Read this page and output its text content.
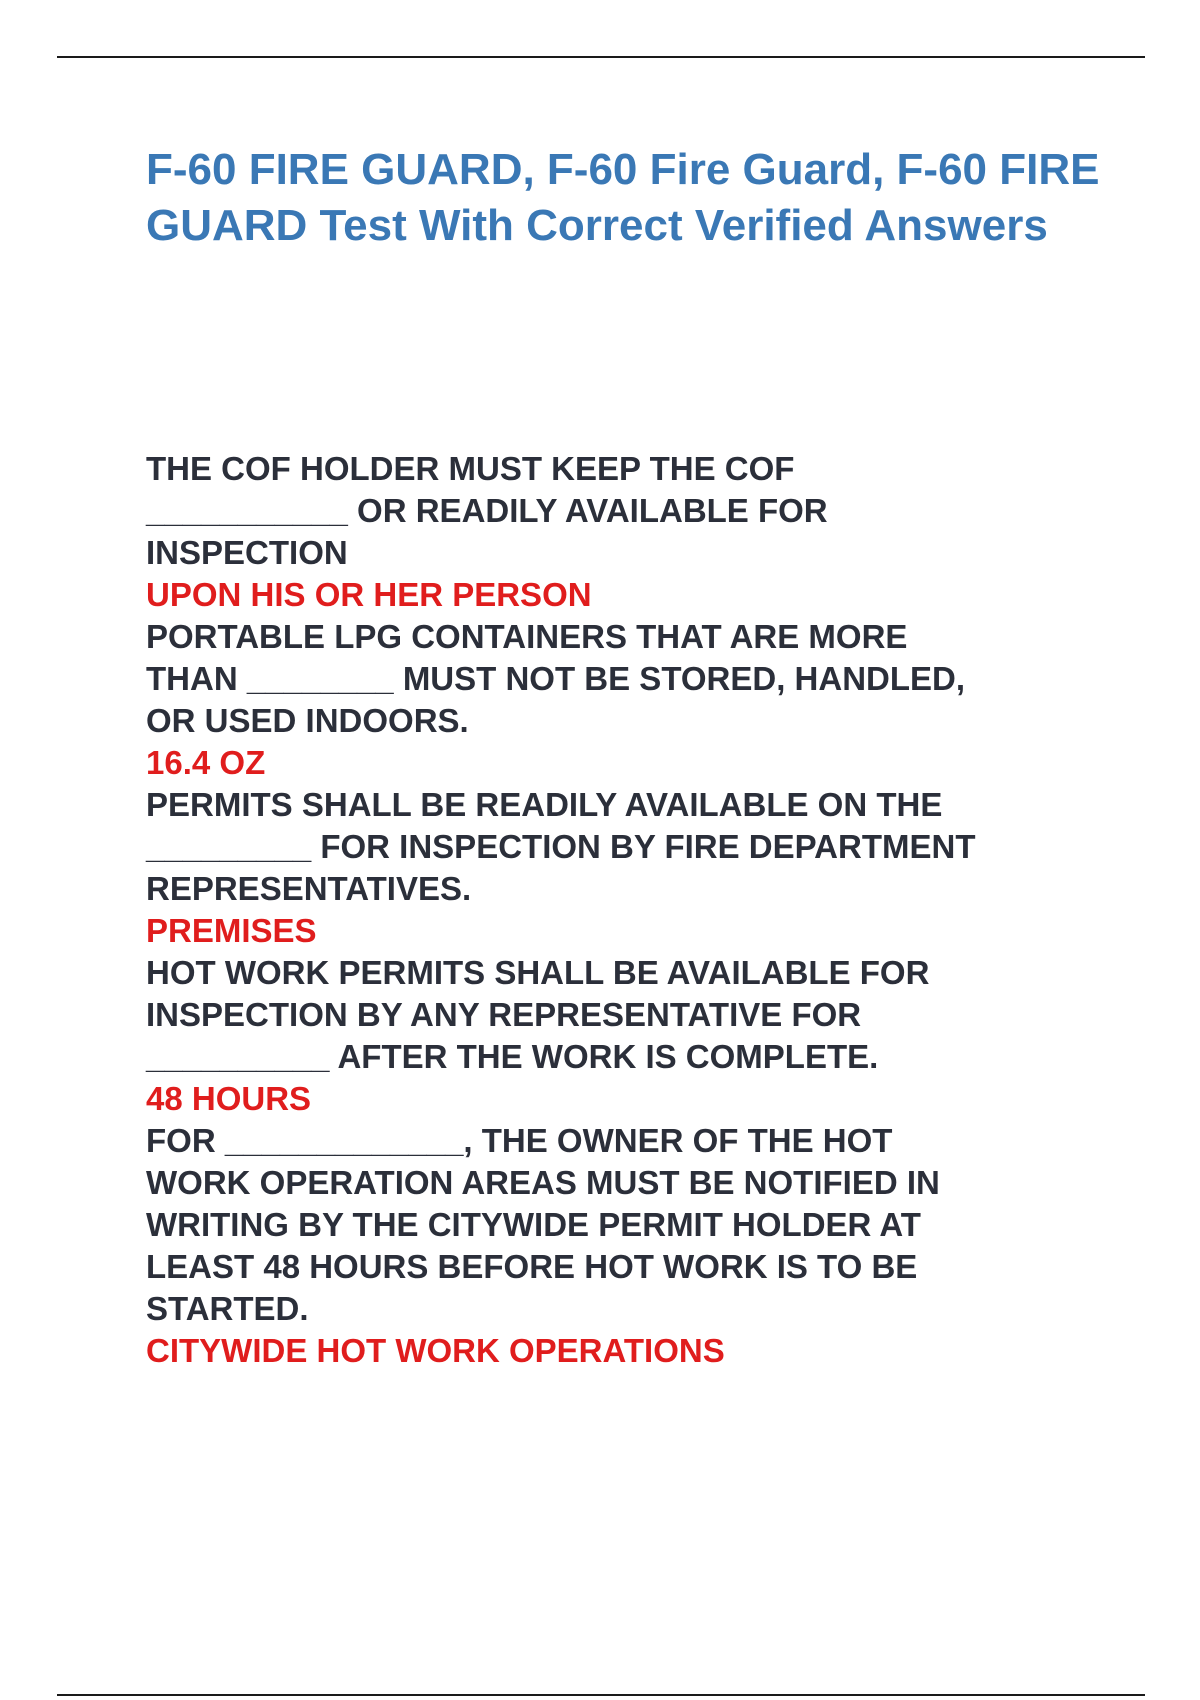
F-60 FIRE GUARD, F-60 Fire Guard, F-60 FIRE GUARD Test With Correct Verified Answers

THE COF HOLDER MUST KEEP THE COF
___________ OR READILY AVAILABLE FOR
INSPECTION

UPON HIS OR HER PERSON

PORTABLE LPG CONTAINERS THAT ARE MORE
THAN ________ MUST NOT BE STORED, HANDLED,
OR USED INDOORS.

16.4 OZ

PERMITS SHALL BE READILY AVAILABLE ON THE
_________ FOR INSPECTION BY FIRE DEPARTMENT
REPRESENTATIVES.

PREMISES

HOT WORK PERMITS SHALL BE AVAILABLE FOR
INSPECTION BY ANY REPRESENTATIVE FOR
__________ AFTER THE WORK IS COMPLETE.

48 HOURS

FOR _____________, THE OWNER OF THE HOT
WORK OPERATION AREAS MUST BE NOTIFIED IN
WRITING BY THE CITYWIDE PERMIT HOLDER AT
LEAST 48 HOURS BEFORE HOT WORK IS TO BE
STARTED.

CITYWIDE HOT WORK OPERATIONS
